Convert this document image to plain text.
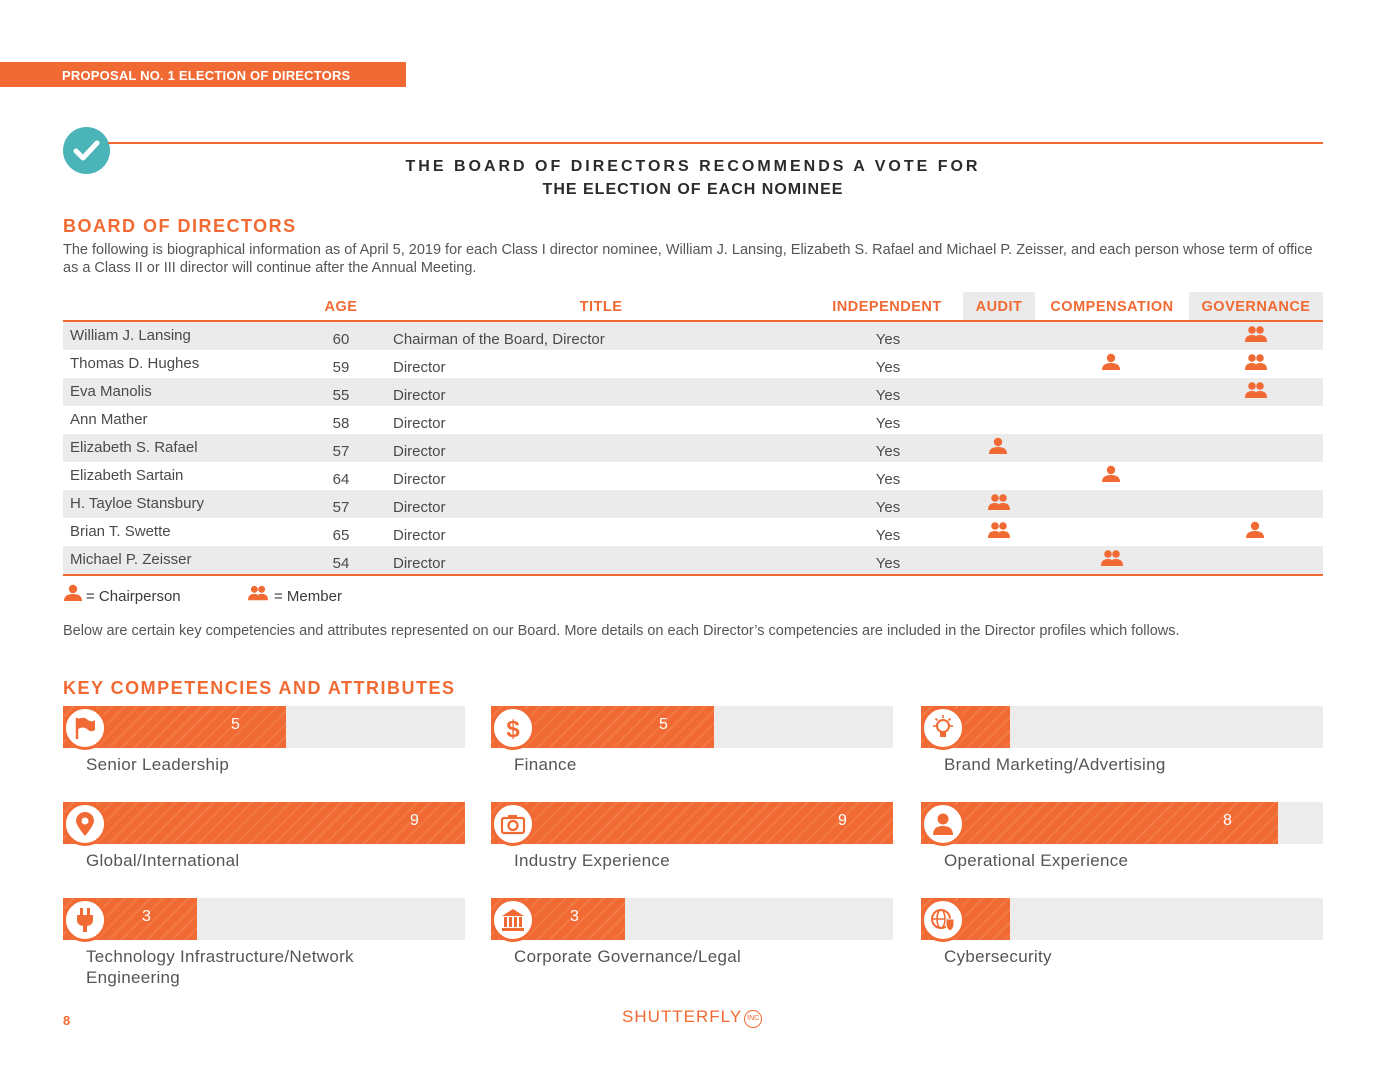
PROPOSAL NO. 1 ELECTION OF DIRECTORS
THE BOARD OF DIRECTORS RECOMMENDS A VOTE FOR
THE ELECTION OF EACH NOMINEE
BOARD OF DIRECTORS
The following is biographical information as of April 5, 2019 for each Class I director nominee, William J. Lansing, Elizabeth S. Rafael and Michael P. Zeisser, and each person whose term of office as a Class II or III director will continue after the Annual Meeting.
AGE	TITLE	INDEPENDENT	AUDIT	COMPENSATION	GOVERNANCE
William J. Lansing	60	Chairman of the Board, Director	Yes
Thomas D. Hughes	59	Director	Yes
Eva Manolis	55	Director	Yes
Ann Mather	58	Director	Yes
Elizabeth S. Rafael	57	Director	Yes
Elizabeth Sartain	64	Director	Yes
H. Tayloe Stansbury	57	Director	Yes
Brian T. Swette	65	Director	Yes
Michael P. Zeisser	54	Director	Yes
= Chairperson	= Member
Below are certain key competencies and attributes represented on our Board. More details on each Director’s competencies are included in the Director profiles which follows.
KEY COMPETENCIES AND ATTRIBUTES
5
Senior Leadership
5
$
Finance	Brand Marketing/Advertising
9
Global/International
9
Industry Experience
8
Operational Experience
3
Technology Infrastructure/Network Engineering
3
Corporate Governance/Legal	Cybersecurity
8	SHUTTERFLY INC
